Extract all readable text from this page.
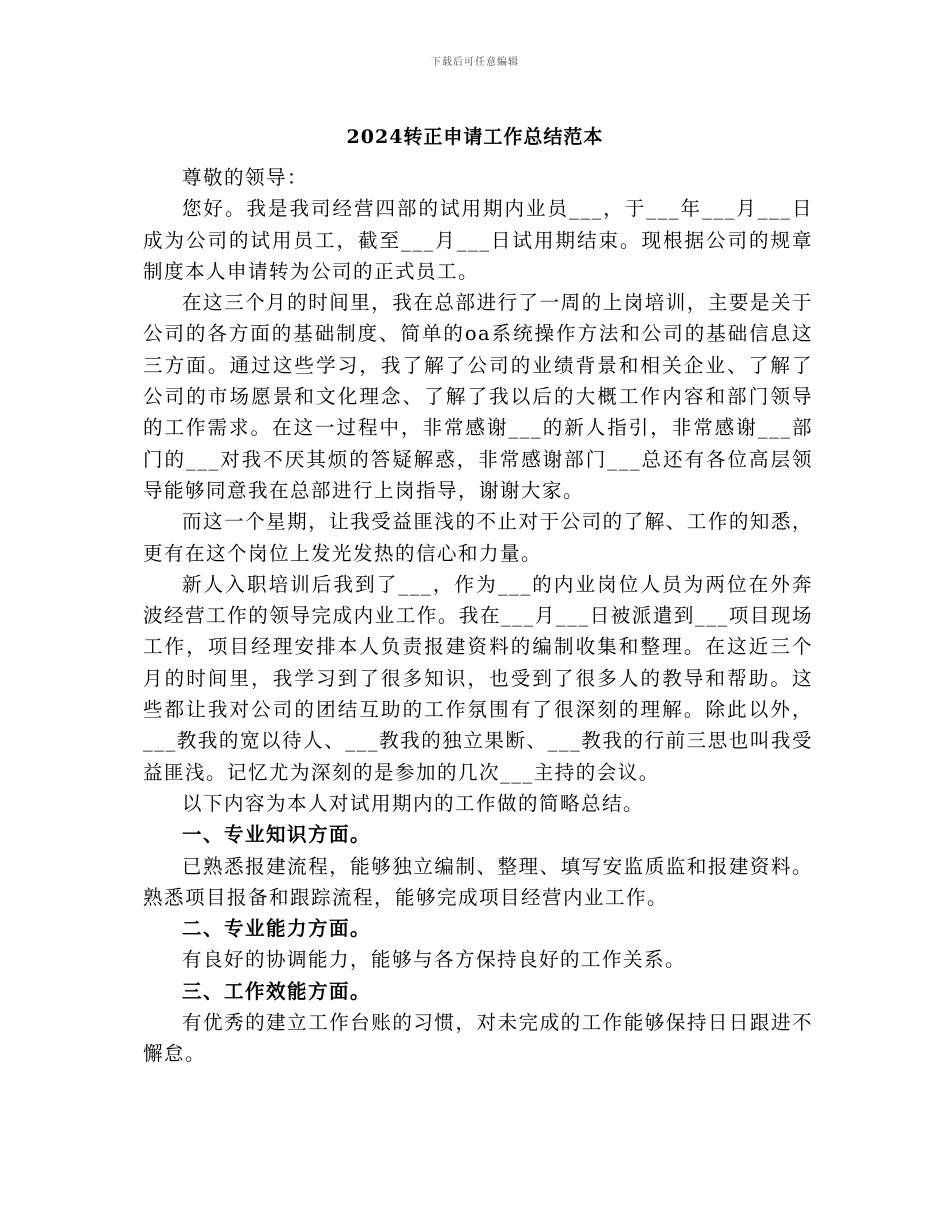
下载后可任意编辑
2024转正申请工作总结范本

尊敬的领导：

您好。我是我司经营四部的试用期内业员___，于___年___月___日成为公司的试用员工，截至___月___日试用期结束。现根据公司的规章制度本人申请转为公司的正式员工。

在这三个月的时间里，我在总部进行了一周的上岗培训，主要是关于公司的各方面的基础制度、简单的oa系统操作方法和公司的基础信息这三方面。通过这些学习，我了解了公司的业绩背景和相关企业、了解了公司的市场愿景和文化理念、了解了我以后的大概工作内容和部门领导的工作需求。在这一过程中，非常感谢___的新人指引，非常感谢___部门的___对我不厌其烦的答疑解惑，非常感谢部门___总还有各位高层领导能够同意我在总部进行上岗指导，谢谢大家。

而这一个星期，让我受益匪浅的不止对于公司的了解、工作的知悉，更有在这个岗位上发光发热的信心和力量。

新人入职培训后我到了___，作为___的内业岗位人员为两位在外奔波经营工作的领导完成内业工作。我在___月___日被派遣到___项目现场工作，项目经理安排本人负责报建资料的编制收集和整理。在这近三个月的时间里，我学习到了很多知识，也受到了很多人的教导和帮助。这些都让我对公司的团结互助的工作氛围有了很深刻的理解。除此以外，___教我的宽以待人、___教我的独立果断、___教我的行前三思也叫我受益匪浅。记忆尤为深刻的是参加的几次___主持的会议。

以下内容为本人对试用期内的工作做的简略总结。

一、专业知识方面。

已熟悉报建流程，能够独立编制、整理、填写安监质监和报建资料。熟悉项目报备和跟踪流程，能够完成项目经营内业工作。

二、专业能力方面。

有良好的协调能力，能够与各方保持良好的工作关系。

三、工作效能方面。

有优秀的建立工作台账的习惯，对未完成的工作能够保持日日跟进不懈怠。
